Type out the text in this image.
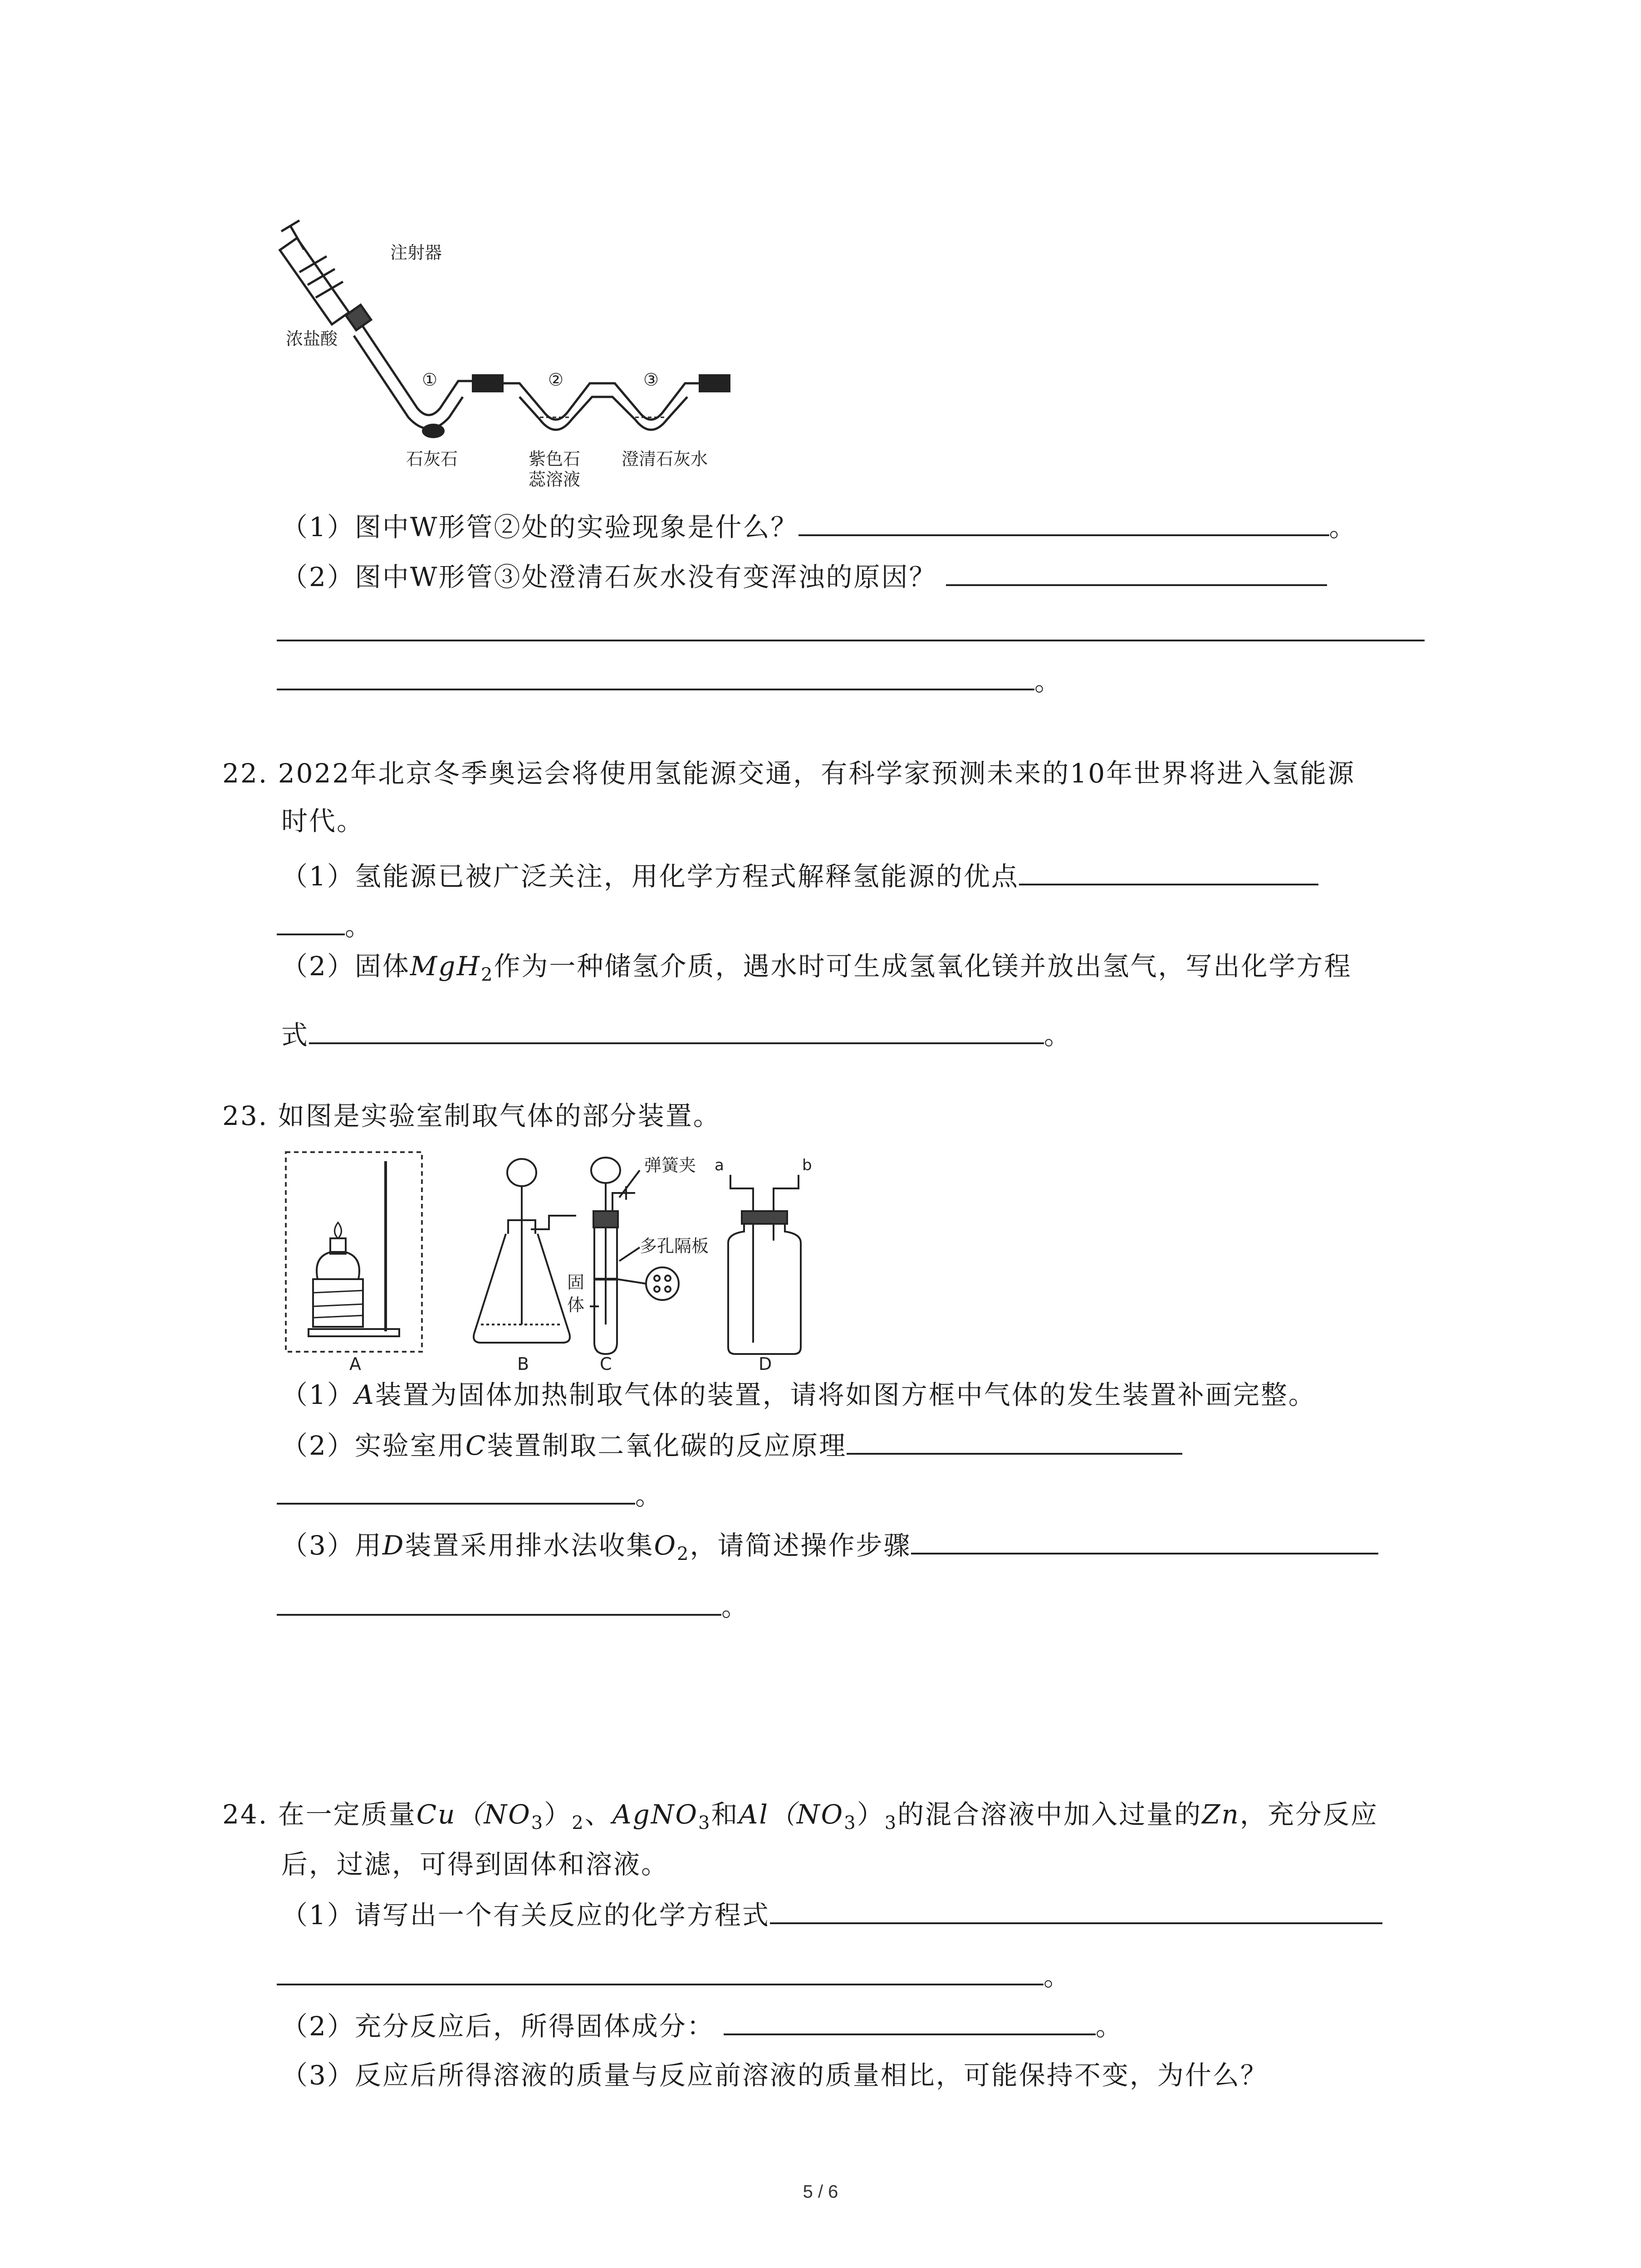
注射器
浓盐酸
①	②	③
石灰石	紫色石
蕊溶液
澄清石灰水
（1）图中W形管②处的实验现象是什么？	。
（2）图中W形管③处澄清石灰水没有变浑浊的原因？
。
22. 2022年北京冬季奥运会将使用氢能源交通，有科学家预测未来的10年世界将进入氢能源
时代。
（1）氢能源已被广泛关注，用化学方程式解释氢能源的优点
。
（2）固体MgH$_2$作为一种储氢介质，遇水时可生成氢氧化镁并放出氢气，写出化学方程
式	。
23. 如图是实验室制取气体的部分装置。
A	B
弹簧夹
多孔隔板
固
体
C
a	b
D
（1）A装置为固体加热制取气体的装置，请将如图方框中气体的发生装置补画完整。
（2）实验室用C装置制取二氧化碳的反应原理
。
（3）用D装置采用排水法收集$O_2$，请简述操作步骤
。
24. 在一定质量$Cu(NO_3)_2$、AgNO$_3$和$Al(NO_3)_3$的混合溶液中加入过量的Zn，充分反应
后，过滤，可得到固体和溶液。
（1）请写出一个有关反应的化学方程式
。
（2）充分反应后，所得固体成分：	。
（3）反应后所得溶液的质量与反应前溶液的质量相比，可能保持不变，为什么？
5 / 6
